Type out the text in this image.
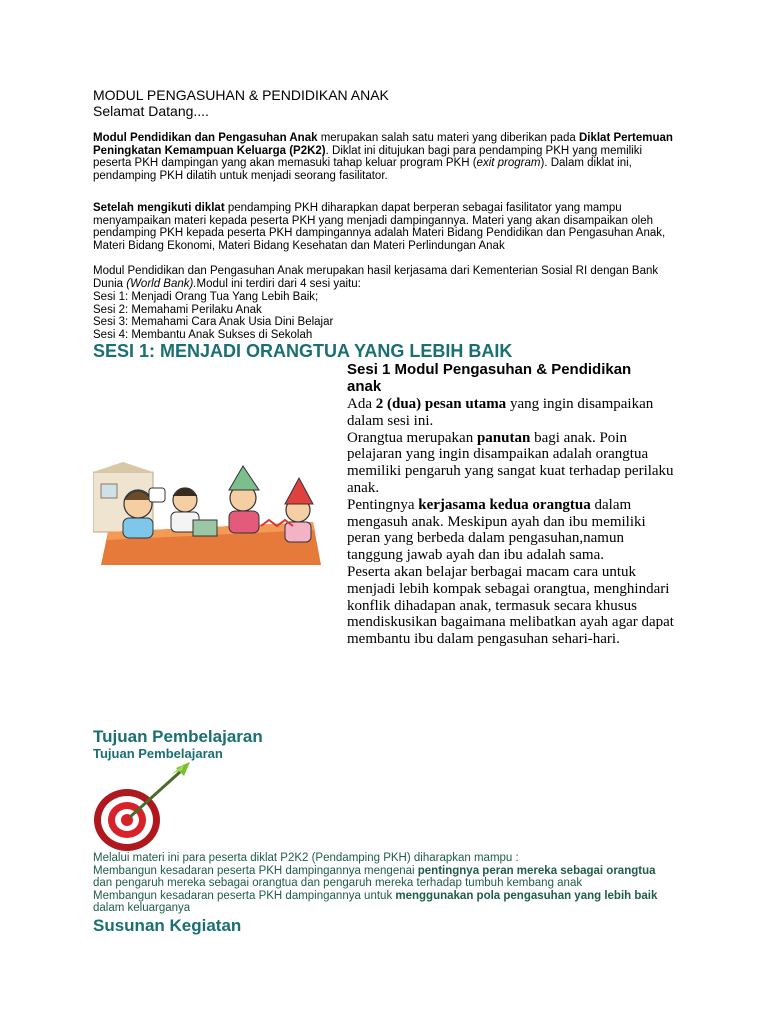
MODUL PENGASUHAN & PENDIDIKAN ANAK
Selamat Datang....
Modul Pendidikan dan Pengasuhan Anak merupakan salah satu materi yang diberikan pada Diklat Pertemuan Peningkatan Kemampuan Keluarga (P2K2). Diklat ini ditujukan bagi para pendamping PKH yang memiliki peserta PKH dampingan yang akan memasuki tahap keluar program PKH (exit program). Dalam diklat ini, pendamping PKH dilatih untuk menjadi seorang fasilitator.
Setelah mengikuti diklat pendamping PKH diharapkan dapat berperan sebagai fasilitator yang mampu menyampaikan materi kepada peserta PKH yang menjadi dampingannya. Materi yang akan disampaikan oleh pendamping PKH kepada peserta PKH dampingannya adalah Materi Bidang Pendidikan dan Pengasuhan Anak, Materi Bidang Ekonomi, Materi Bidang Kesehatan dan Materi Perlindungan Anak
Modul Pendidikan dan Pengasuhan Anak merupakan hasil kerjasama dari Kementerian Sosial RI dengan Bank Dunia (World Bank).Modul ini terdiri dari 4 sesi yaitu:
Sesi 1: Menjadi Orang Tua Yang Lebih Baik;
Sesi 2: Memahami Perilaku Anak
Sesi 3: Memahami Cara Anak Usia Dini Belajar
Sesi 4: Membantu Anak Sukses di Sekolah
SESI 1: MENJADI ORANGTUA YANG LEBIH BAIK
Sesi 1 Modul Pengasuhan & Pendidikan anak
Ada 2 (dua) pesan utama yang ingin disampaikan dalam sesi ini.
Orangtua merupakan panutan bagi anak. Poin pelajaran yang ingin disampaikan adalah orangtua memiliki pengaruh yang sangat kuat terhadap perilaku anak.
Pentingnya kerjasama kedua orangtua dalam mengasuh anak. Meskipun ayah dan ibu memiliki peran yang berbeda dalam pengasuhan,namun tanggung jawab ayah dan ibu adalah sama.
Peserta akan belajar berbagai macam cara untuk menjadi lebih kompak sebagai orangtua, menghindari konflik dihadapan anak, termasuk secara khusus mendiskusikan bagaimana melibatkan ayah agar dapat membantu ibu dalam pengasuhan sehari-hari.
Tujuan Pembelajaran
Tujuan Pembelajaran
Melalui materi ini para peserta diklat P2K2 (Pendamping PKH) diharapkan mampu :
Membangun kesadaran peserta PKH dampingannya mengenai pentingnya peran mereka sebagai orangtua dan pengaruh mereka sebagai orangtua dan pengaruh mereka terhadap tumbuh kembang anak
Membangun kesadaran peserta PKH dampingannya untuk menggunakan pola pengasuhan yang lebih baik dalam keluarganya
Susunan Kegiatan
